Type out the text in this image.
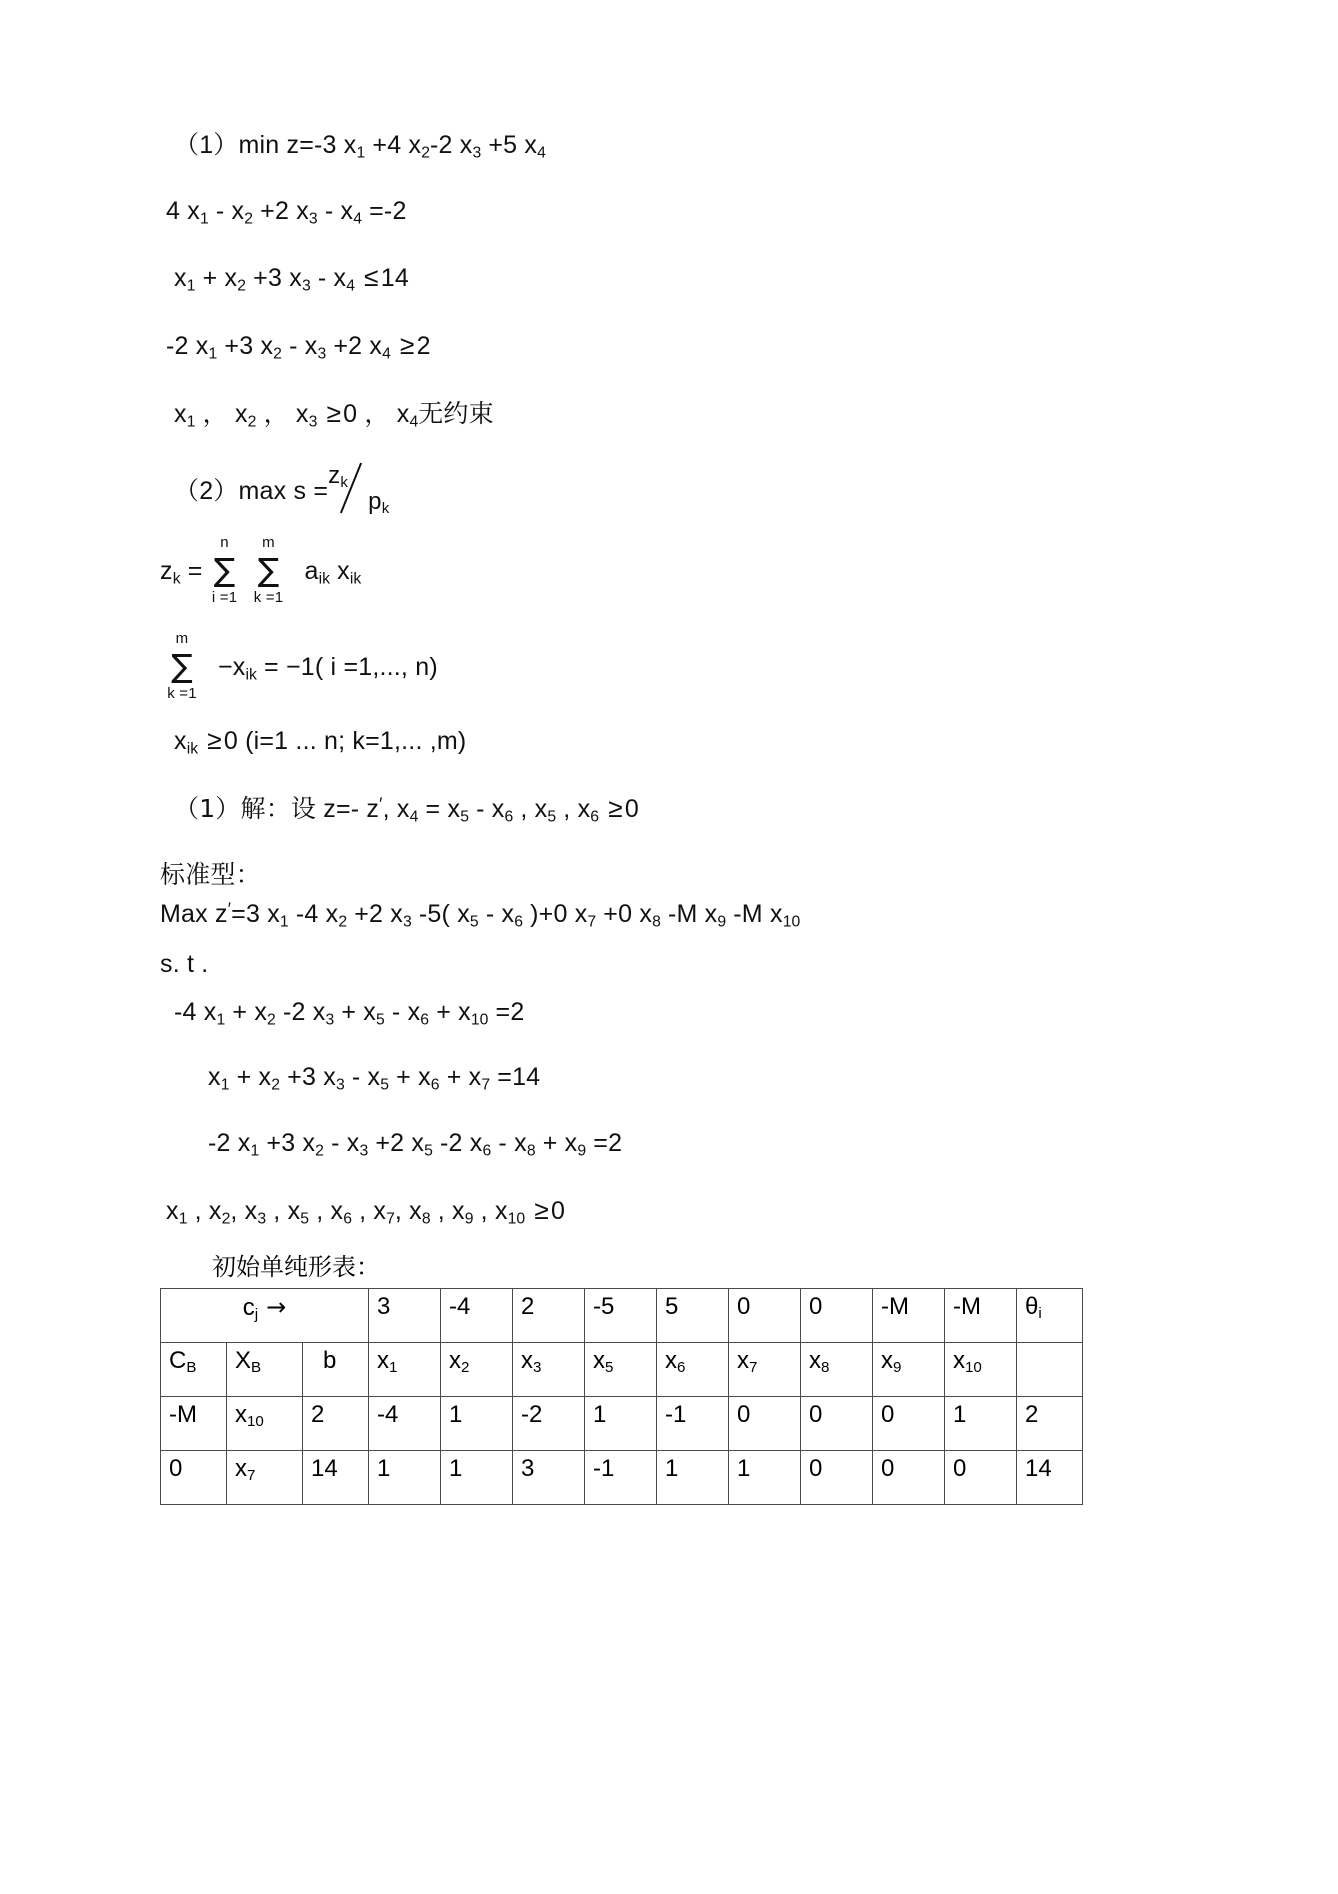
（1）min z=-3 $x_1 +4$ $x_2-2$ $x_3 +5$ $x_4$
4 $x_1 - x_2 +2$ $x_3 - x_4 =-2$
$x_1 + x_2 +3$ $x_3 - x_4 \le 14$
-2 $x_1 +3$ $x_2 - x_3 +2$ $x_4 \ge 2$
$x_1$ ， $x_2$ ， $x_3 \ge 0$ ， $x_4$无约束
（2）max s =
$z_k$
$p_k$
$z_k$ =
n
∑
i =1
m
∑
k =1
$a_{ik}$ $x_{ik}$
m
∑
k =1
$-x_{ik} = -1$( i =1,..., n)
$x_{ik} \ge 0$ (i=1 ... n; k=1,... ,m)
（1）解：设 z=- z′, $x_4 = x_5 - x_6$ , $x_5$ , $x_6 \ge 0$
标准型：
Max z′=3 $x_1$ -4 $x_2 +2$ $x_3$ -5( $x_5 - x_6$ )+0 $x_7 +0$ $x_8$ -M $x_9$ -M $x_{10}$
s. t .
-4 $x_1 + x_2$ -2 $x_3 + x_5 - x_6 + x_{10} =2$
$x_1 + x_2 +3$ $x_3 - x_5 + x_6 + x_7 =14$
-2 $x_1 +3$ $x_2 - x_3 +2$ $x_5$ -2 $x_6 - x_8 + x_9 =2$
$x_1$ , $x_2$, $x_3$ , $x_5$ , $x_6$ , $x_7$, $x_8$ , $x_9$ , $x_{10} \ge 0$
初始单纯形表：
$c_j$ →			3	-4	2	-5	5	0	0	-M	-M	$\theta_i$
$C_B$	$X_B$	b	$x_1$	$x_2$	$x_3$	$x_5$	$x_6$	$x_7$	$x_8$	$x_9$	$x_{10}$	
-M	$x_{10}$	2	-4	1	-2	1	-1	0	0	0	1	2
0	$x_7$	14	1	1	3	-1	1	1	0	0	0	14
